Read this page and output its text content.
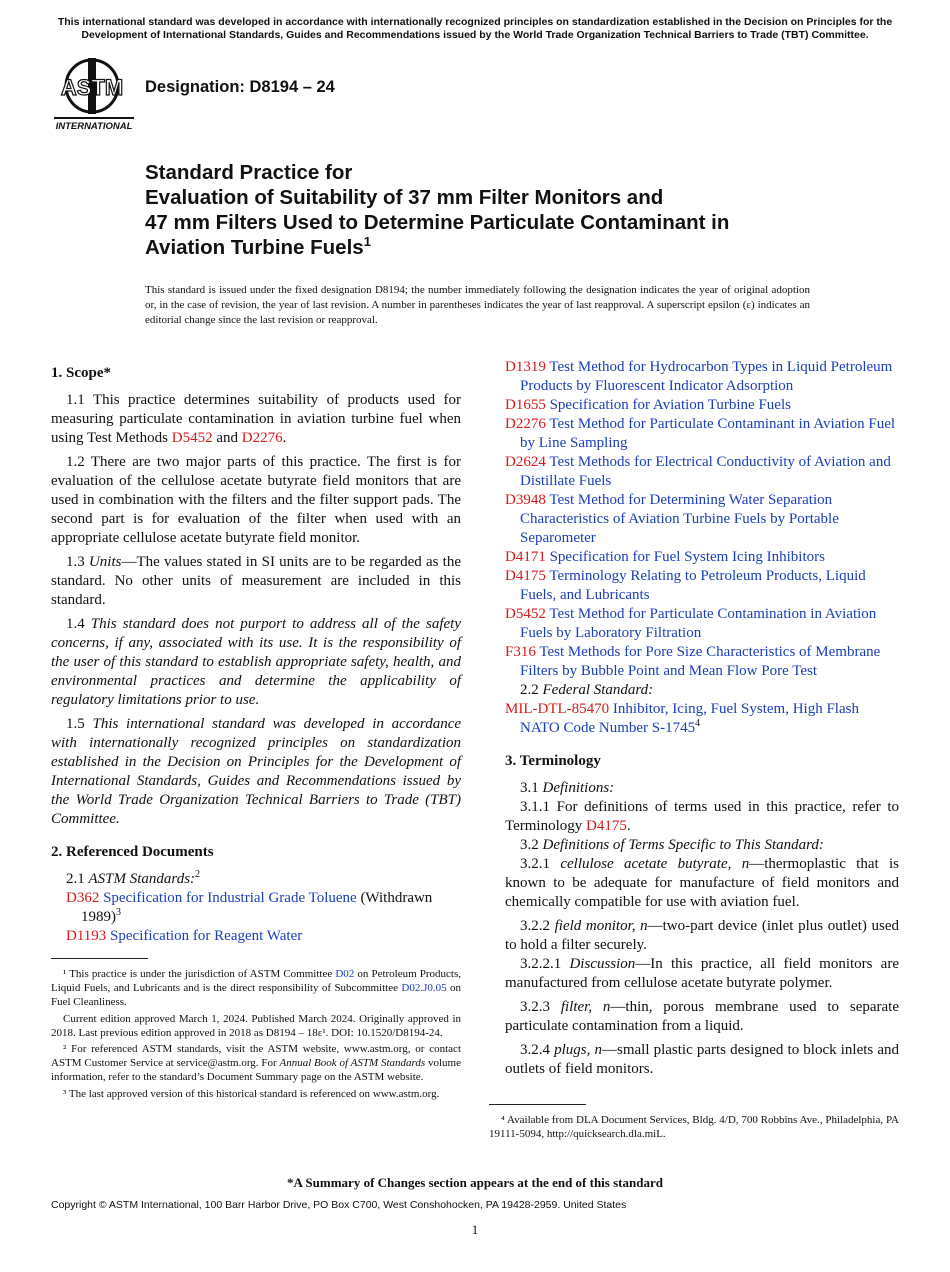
This international standard was developed in accordance with internationally recognized principles on standardization established in the Decision on Principles for the Development of International Standards, Guides and Recommendations issued by the World Trade Organization Technical Barriers to Trade (TBT) Committee.
ASTM
INTERNATIONAL
Designation: D8194 – 24
Standard Practice for
Evaluation of Suitability of 37 mm Filter Monitors and
47 mm Filters Used to Determine Particulate Contaminant in
Aviation Turbine Fuels$^1$
This standard is issued under the fixed designation D8194; the number immediately following the designation indicates the year of original adoption or, in the case of revision, the year of last revision. A number in parentheses indicates the year of last reapproval. A superscript epsilon (ε) indicates an editorial change since the last revision or reapproval.

1. Scope*

1.1 This practice determines suitability of products used for measuring particulate contamination in aviation turbine fuel when using Test Methods D5452 and D2276.

1.2 There are two major parts of this practice. The first is for evaluation of the cellulose acetate butyrate field monitors that are used in combination with the filters and the filter support pads. The second part is for evaluation of the filter when used with an appropriate cellulose acetate butyrate field monitor.

1.3 Units—The values stated in SI units are to be regarded as the standard. No other units of measurement are included in this standard.

1.4 This standard does not purport to address all of the safety concerns, if any, associated with its use. It is the responsibility of the user of this standard to establish appropriate safety, health, and environmental practices and determine the applicability of regulatory limitations prior to use.

1.5 This international standard was developed in accordance with internationally recognized principles on standardization established in the Decision on Principles for the Development of International Standards, Guides and Recommendations issued by the World Trade Organization Technical Barriers to Trade (TBT) Committee.

2. Referenced Documents

2.1 ASTM Standards:$^2$

D362 Specification for Industrial Grade Toluene (Withdrawn 1989)$^3$

D1193 Specification for Reagent Water

¹ This practice is under the jurisdiction of ASTM Committee D02 on Petroleum Products, Liquid Fuels, and Lubricants and is the direct responsibility of Subcommittee D02.J0.05 on Fuel Cleanliness.

Current edition approved March 1, 2024. Published March 2024. Originally approved in 2018. Last previous edition approved in 2018 as D8194 – 18ε¹. DOI: 10.1520/D8194-24.

² For referenced ASTM standards, visit the ASTM website, www.astm.org, or contact ASTM Customer Service at service@astm.org. For Annual Book of ASTM Standards volume information, refer to the standard’s Document Summary page on the ASTM website.

³ The last approved version of this historical standard is referenced on www.astm.org.

D1319 Test Method for Hydrocarbon Types in Liquid Petroleum Products by Fluorescent Indicator Adsorption

D1655 Specification for Aviation Turbine Fuels

D2276 Test Method for Particulate Contaminant in Aviation Fuel by Line Sampling

D2624 Test Methods for Electrical Conductivity of Aviation and Distillate Fuels

D3948 Test Method for Determining Water Separation Characteristics of Aviation Turbine Fuels by Portable Separometer

D4171 Specification for Fuel System Icing Inhibitors

D4175 Terminology Relating to Petroleum Products, Liquid Fuels, and Lubricants

D5452 Test Method for Particulate Contamination in Aviation Fuels by Laboratory Filtration

F316 Test Methods for Pore Size Characteristics of Membrane Filters by Bubble Point and Mean Flow Pore Test

2.2 Federal Standard:

MIL-DTL-85470 Inhibitor, Icing, Fuel System, High Flash NATO Code Number S-1745$^4$

3. Terminology

3.1 Definitions:

3.1.1 For definitions of terms used in this practice, refer to Terminology D4175.

3.2 Definitions of Terms Specific to This Standard:

3.2.1 cellulose acetate butyrate, n—thermoplastic that is known to be adequate for manufacture of field monitors and chemically compatible for use with aviation fuel.

3.2.2 field monitor, n—two-part device (inlet plus outlet) used to hold a filter securely.

3.2.2.1 Discussion—In this practice, all field monitors are manufactured from cellulose acetate butyrate polymer.

3.2.3 filter, n—thin, porous membrane used to separate particulate contamination from a liquid.

3.2.4 plugs, n—small plastic parts designed to block inlets and outlets of field monitors.

⁴ Available from DLA Document Services, Bldg. 4/D, 700 Robbins Ave., Philadelphia, PA 19111-5094, http://quicksearch.dla.miL.

*A Summary of Changes section appears at the end of this standard
Copyright © ASTM International, 100 Barr Harbor Drive, PO Box C700, West Conshohocken, PA 19428-2959. United States
1
